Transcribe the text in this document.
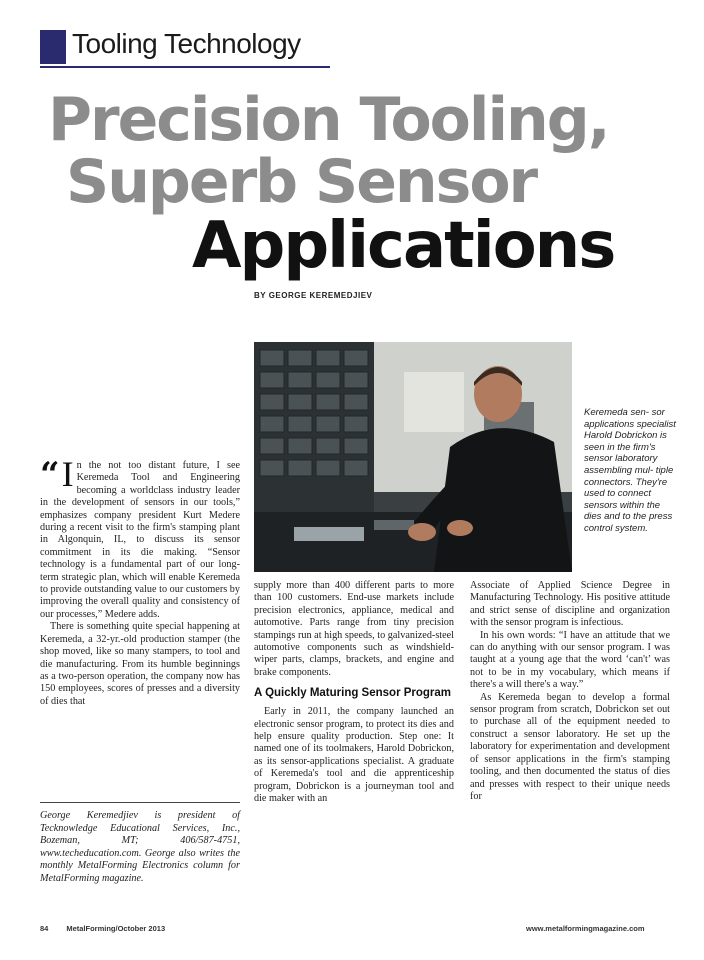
Tooling Technology
Precision Tooling,
Superb Sensor
Applications
BY GEORGE KEREMEDJIEV
Keremeda sen- sor applications specialist Harold Dobrickon is seen in the firm's sensor laboratory assembling mul- tiple connectors. They're used to connect sensors within the dies and to the press control system.

“ I n the not too distant future, I see Keremeda Tool and Engineering becoming a worldclass industry leader in the development of sensors in our tools,” emphasizes company president Kurt Medere during a recent visit to the firm's stamping plant in Algonquin, IL, to discuss its sensor commitment in its die making. “Sensor technology is a fundamental part of our long-term strategic plan, which will enable Keremeda to provide outstanding value to our customers by improving the overall quality and consistency of our processes,” Medere adds.

There is something quite special happening at Keremeda, a 32-yr.-old production stamper (the shop moved, like so many stampers, to tool and die manufacturing. From its humble beginnings as a two-person operation, the company now has 150 employees, scores of presses and a diversity of dies that

supply more than 400 different parts to more than 100 customers. End-use markets include precision electronics, appliance, medical and automotive. Parts range from tiny precision stampings run at high speeds, to galvanized-steel automotive components such as windshield-wiper parts, clamps, brackets, and engine and brake components.

A Quickly Maturing Sensor Program

Early in 2011, the company launched an electronic sensor program, to protect its dies and help ensure quality production. Step one: It named one of its toolmakers, Harold Dobrickon, as its sensor-applications specialist. A graduate of Keremeda's tool and die apprenticeship program, Dobrickon is a journeyman tool and die maker with an

Associate of Applied Science Degree in Manufacturing Technology. His positive attitude and strict sense of discipline and organization with the sensor program is infectious.

In his own words: “I have an attitude that we can do anything with our sensor program. I was taught at a young age that the word ‘can't’ was not to be in my vocabulary, which means if there's a will there's a way.”

As Keremeda began to develop a formal sensor program from scratch, Dobrickon set out to purchase all of the equipment needed to construct a sensor laboratory. He set up the laboratory for experimentation and development of sensor applications in the firm's stamping tooling, and then documented the status of dies and presses with respect to their unique needs for

George Keremedjiev is president of Tecknowledge Educational Services, Inc., Bozeman, MT; 406/587-4751, www.techeducation.com. George also writes the monthly MetalForming Electronics column for MetalForming magazine.
84 MetalForming/October 2013	www.metalformingmagazine.com
